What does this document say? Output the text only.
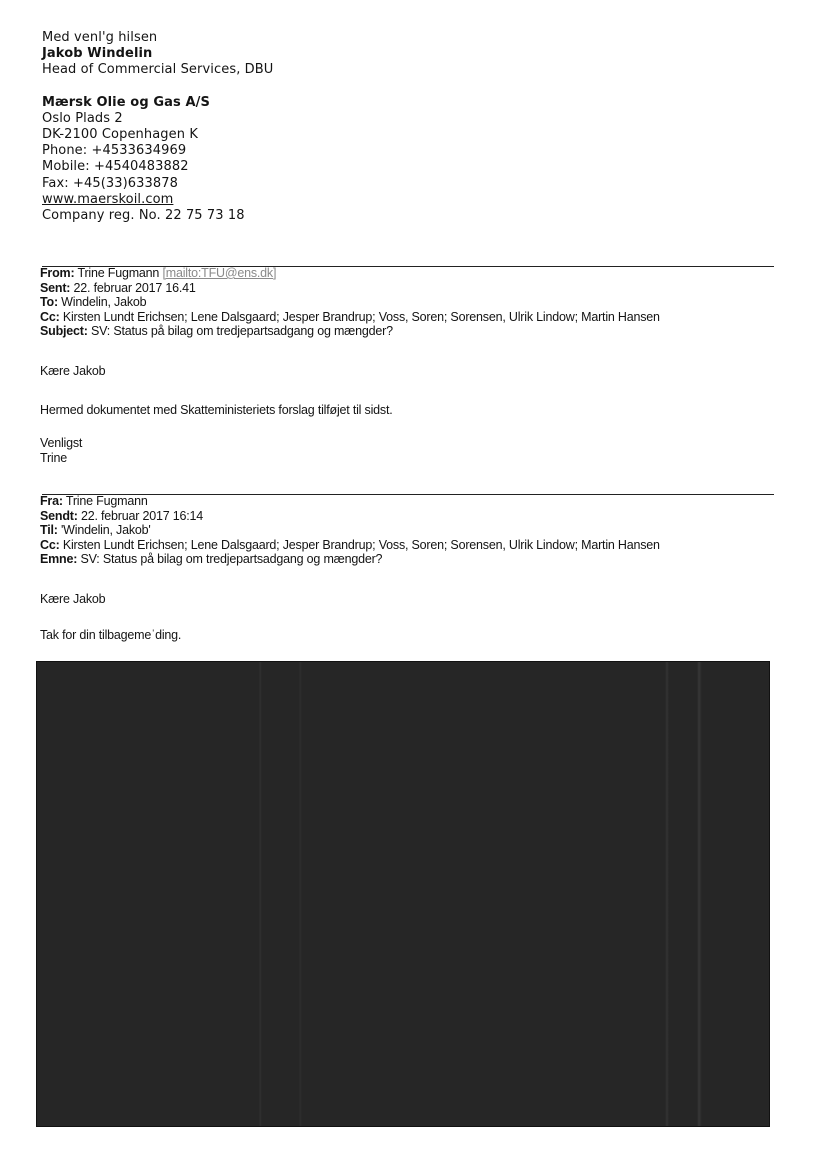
Med venl'g hilsen
Jakob Windelin
Head of Commercial Services, DBU
Mærsk Olie og Gas A/S
Oslo Plads 2
DK-2100 Copenhagen K
Phone: +4533634969
Mobile: +4540483882
Fax: +45(33)633878
www.maerskoil.com
Company reg. No. 22 75 73 18
From: Trine Fugmann [mailto:TFU@ens.dk]
Sent: 22. februar 2017 16.41
To: Windelin, Jakob
Cc: Kirsten Lundt Erichsen; Lene Dalsgaard; Jesper Brandrup; Voss, Soren; Sorensen, Ulrik Lindow; Martin Hansen
Subject: SV: Status på bilag om tredjepartsadgang og mængder?
Kære Jakob
Hermed dokumentet med Skatteministeriets forslag tilføjet til sidst.
Venligst
Trine
Fra: Trine Fugmann
Sendt: 22. februar 2017 16:14
Til: 'Windelin, Jakob'
Cc: Kirsten Lundt Erichsen; Lene Dalsgaard; Jesper Brandrup; Voss, Soren; Sorensen, Ulrik Lindow; Martin Hansen
Emne: SV: Status på bilag om tredjepartsadgang og mængder?
Kære Jakob
Tak for din tilbagemeˈding.
